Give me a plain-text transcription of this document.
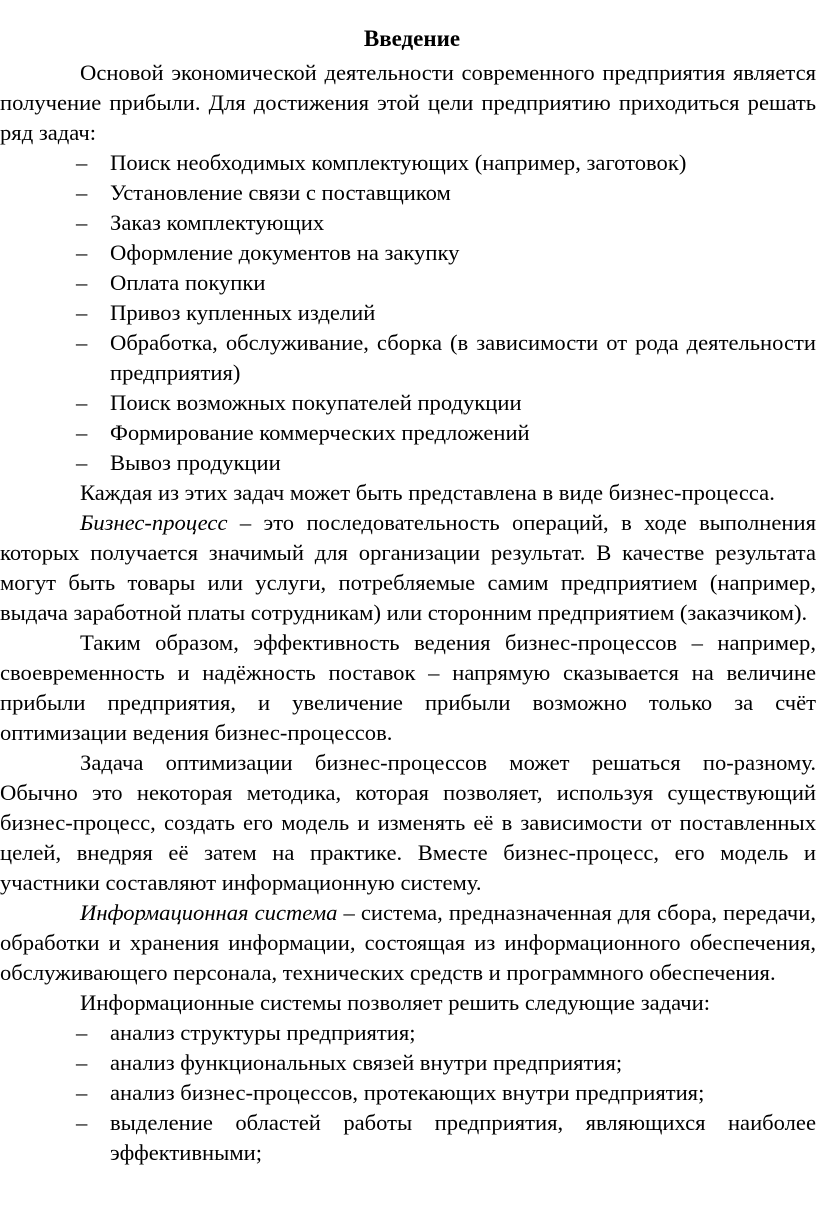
Введение

Основой экономической деятельности современного предприятия является получение прибыли. Для достижения этой цели предприятию приходиться решать ряд задач:

– Поиск необходимых комплектующих (например, заготовок)
– Установление связи с поставщиком
– Заказ комплектующих
– Оформление документов на закупку
– Оплата покупки
– Привоз купленных изделий
– Обработка, обслуживание, сборка (в зависимости от рода деятельности предприятия)
– Поиск возможных покупателей продукции
– Формирование коммерческих предложений
– Вывоз продукции

Каждая из этих задач может быть представлена в виде бизнес-процесса.

Бизнес-процесс – это последовательность операций, в ходе выполнения которых получается значимый для организации результат. В качестве результата могут быть товары или услуги, потребляемые самим предприятием (например, выдача заработной платы сотрудникам) или сторонним предприятием (заказчиком).

Таким образом, эффективность ведения бизнес-процессов – например, своевременность и надёжность поставок – напрямую сказывается на величине прибыли предприятия, и увеличение прибыли возможно только за счёт оптимизации ведения бизнес-процессов.

Задача оптимизации бизнес-процессов может решаться по-разному. Обычно это некоторая методика, которая позволяет, используя существующий бизнес-процесс, создать его модель и изменять её в зависимости от поставленных целей, внедряя её затем на практике. Вместе бизнес-процесс, его модель и участники составляют информационную систему.

Информационная система – система, предназначенная для сбора, передачи, обработки и хранения информации, состоящая из информационного обеспечения, обслуживающего персонала, технических средств и программного обеспечения.

Информационные системы позволяет решить следующие задачи:

– анализ структуры предприятия;
– анализ функциональных связей внутри предприятия;
– анализ бизнес-процессов, протекающих внутри предприятия;
– выделение областей работы предприятия, являющихся наиболее эффективными;
